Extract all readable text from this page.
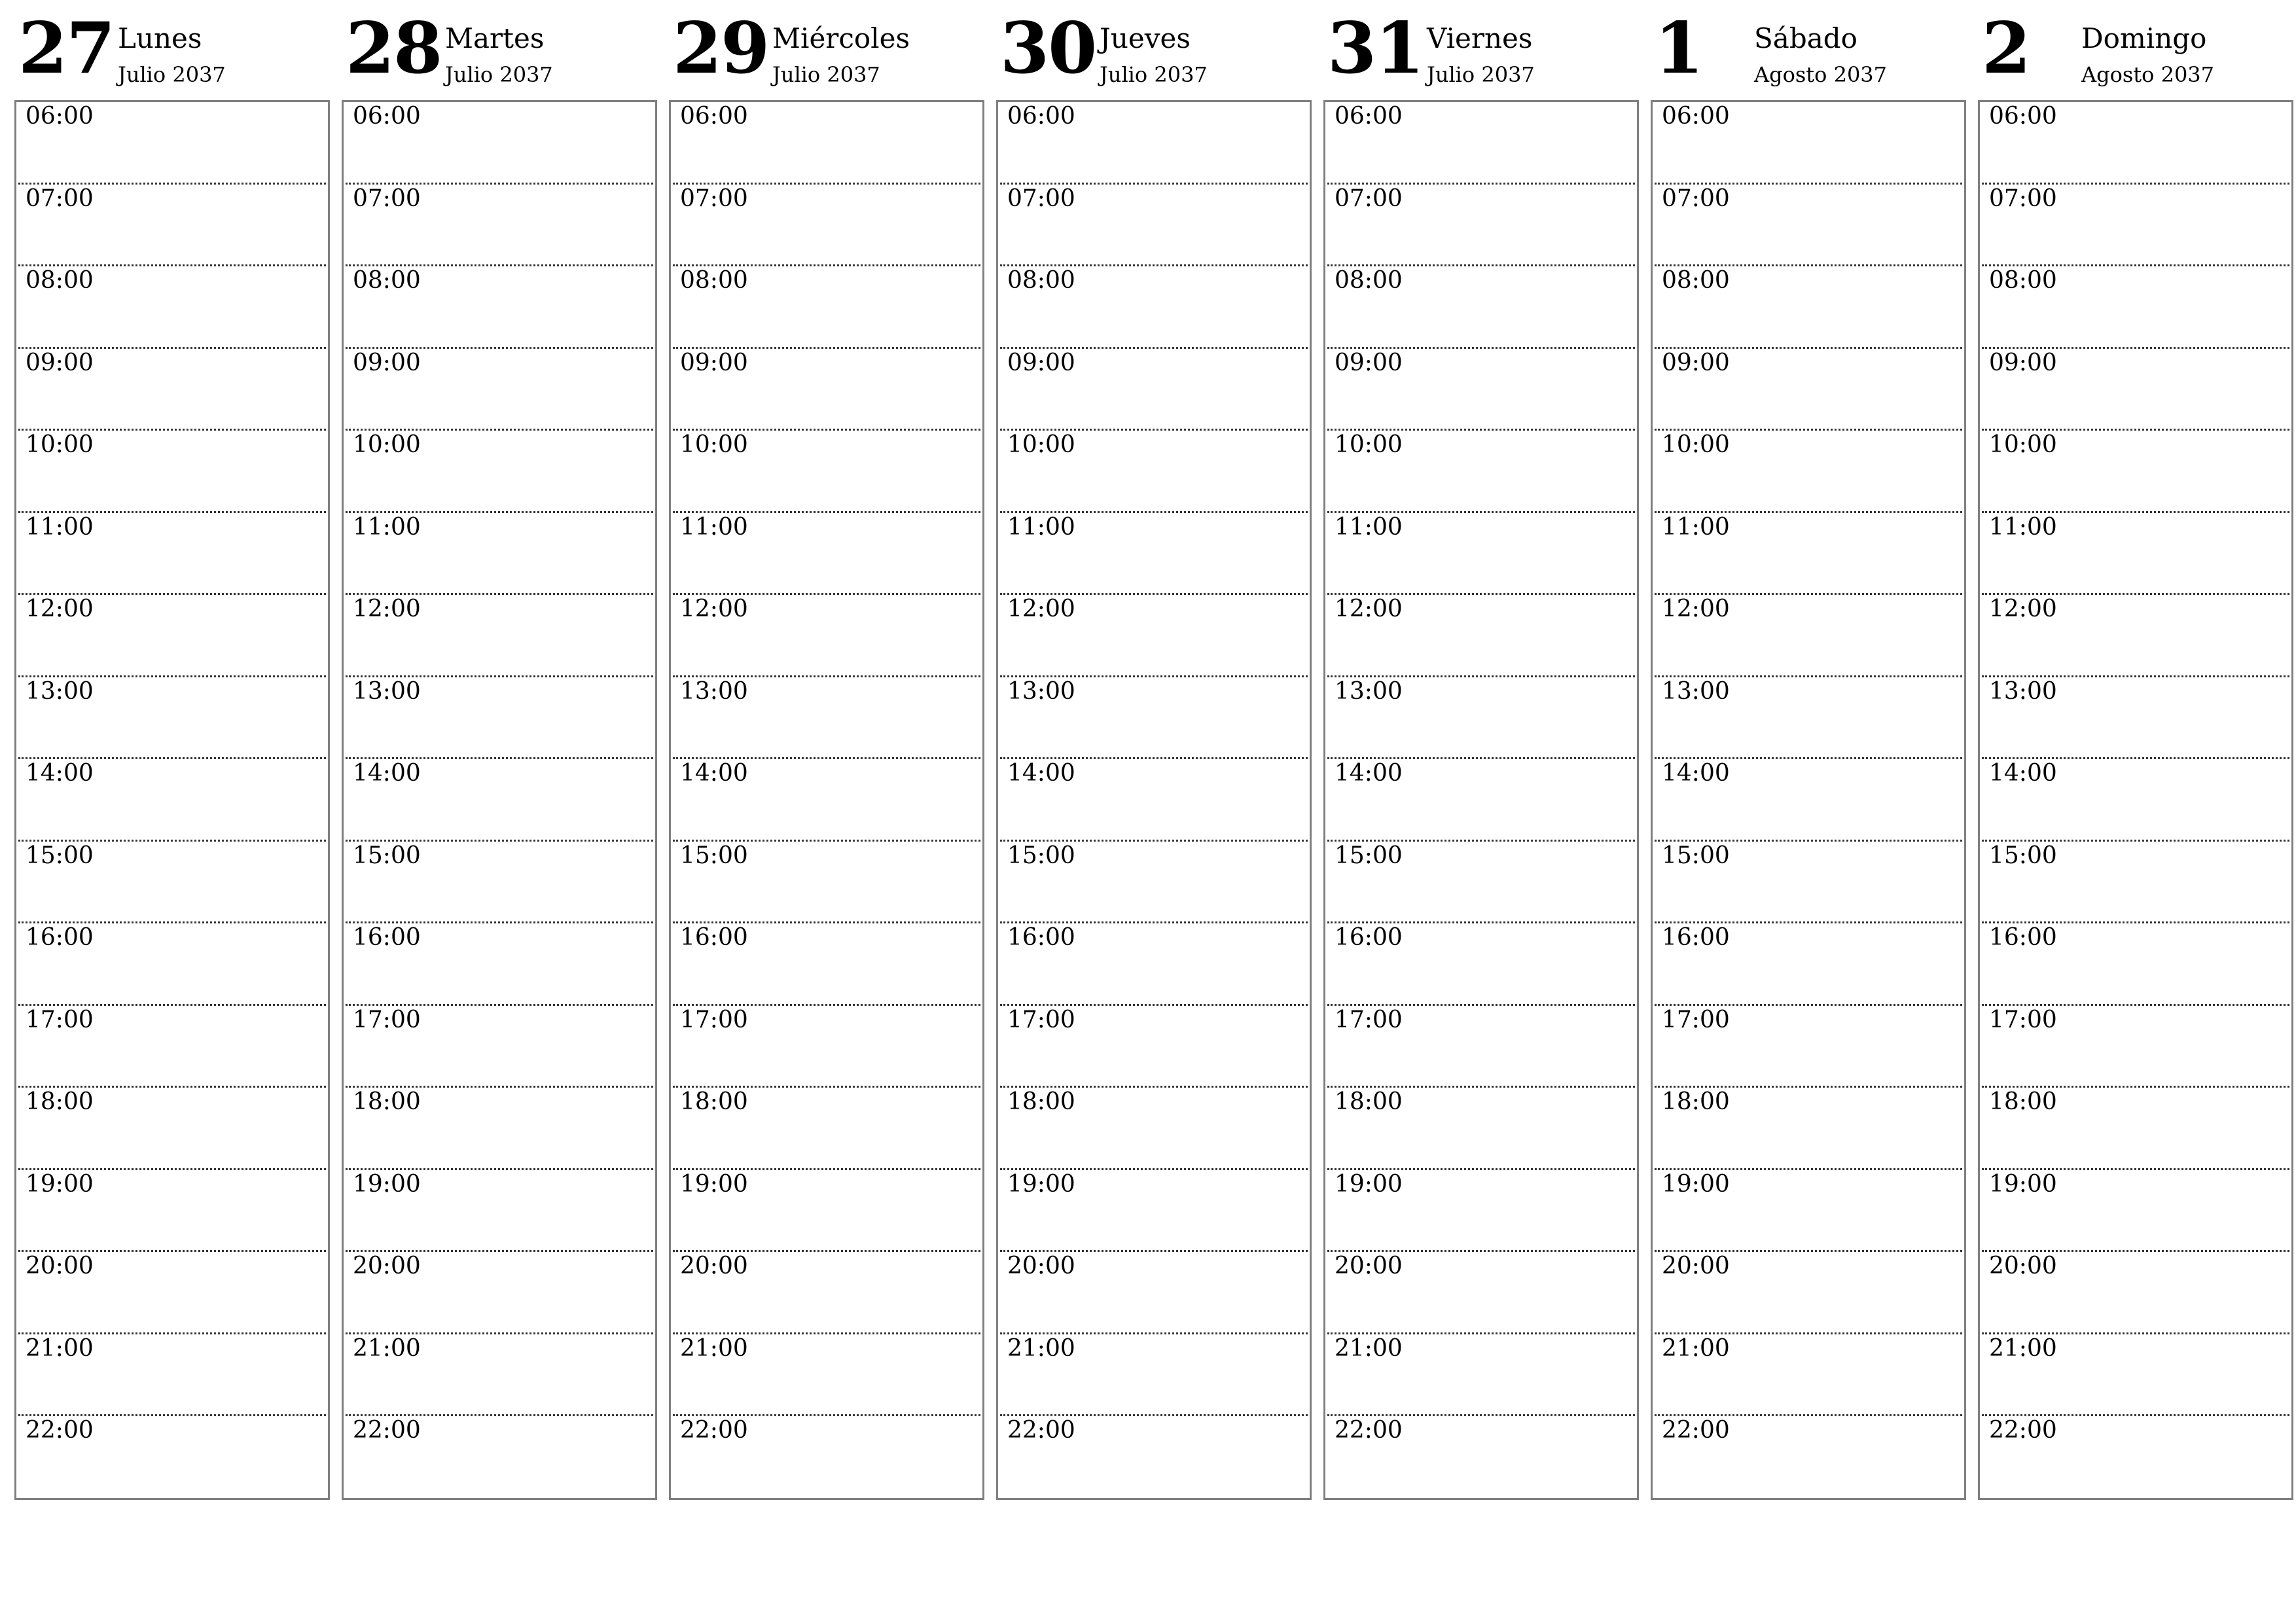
27 Lunes
Julio 2037
06:00
07:00
08:00
09:00
10:00
11:00
12:00
13:00
14:00
15:00
16:00
17:00
18:00
19:00
20:00
21:00
22:00
28 Martes
Julio 2037
06:00
07:00
08:00
09:00
10:00
11:00
12:00
13:00
14:00
15:00
16:00
17:00
18:00
19:00
20:00
21:00
22:00
29 Miércoles
Julio 2037
06:00
07:00
08:00
09:00
10:00
11:00
12:00
13:00
14:00
15:00
16:00
17:00
18:00
19:00
20:00
21:00
22:00
30 Jueves
Julio 2037
06:00
07:00
08:00
09:00
10:00
11:00
12:00
13:00
14:00
15:00
16:00
17:00
18:00
19:00
20:00
21:00
22:00
31 Viernes
Julio 2037
06:00
07:00
08:00
09:00
10:00
11:00
12:00
13:00
14:00
15:00
16:00
17:00
18:00
19:00
20:00
21:00
22:00
1 Sábado
Agosto 2037
06:00
07:00
08:00
09:00
10:00
11:00
12:00
13:00
14:00
15:00
16:00
17:00
18:00
19:00
20:00
21:00
22:00
2 Domingo
Agosto 2037
06:00
07:00
08:00
09:00
10:00
11:00
12:00
13:00
14:00
15:00
16:00
17:00
18:00
19:00
20:00
21:00
22:00
